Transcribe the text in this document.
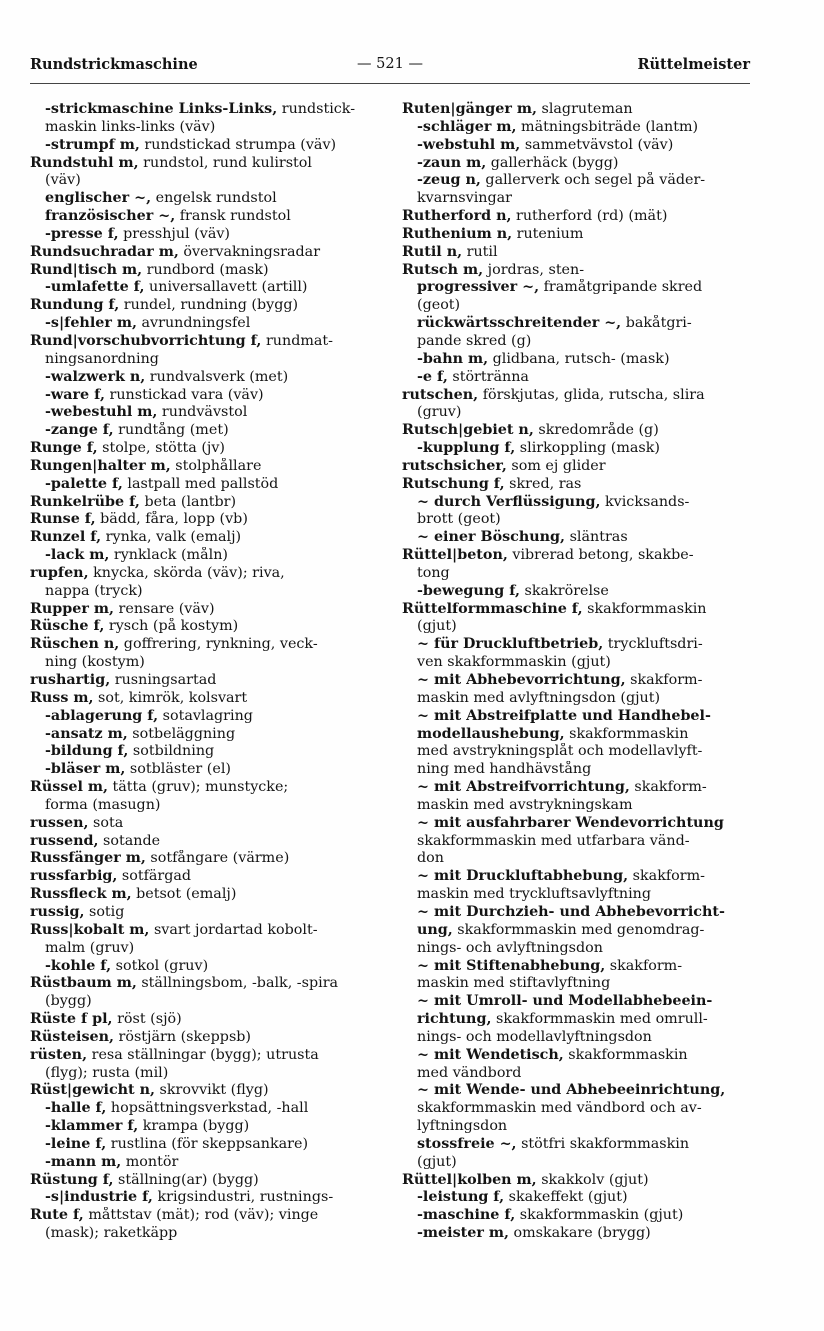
Rundstrickmaschine	— 521 —	Rüttelmeister
-strickmaschine Links-Links, rundstick-
maskin links-links (väv)
-strumpf m, rundstickad strumpa (väv)
Rundstuhl m, rundstol, rund kulirstol
(väv)
englischer ~, engelsk rundstol
französischer ~, fransk rundstol
-presse f, presshjul (väv)
Rundsuchradar m, övervakningsradar
Rund|tisch m, rundbord (mask)
-umlafette f, universallavett (artill)
Rundung f, rundel, rundning (bygg)
-s|fehler m, avrundningsfel
Rund|vorschubvorrichtung f, rundmat-
ningsanordning
-walzwerk n, rundvalsverk (met)
-ware f, runstickad vara (väv)
-webestuhl m, rundvävstol
-zange f, rundtång (met)
Runge f, stolpe, stötta (jv)
Rungen|halter m, stolphållare
-palette f, lastpall med pallstöd
Runkelrübe f, beta (lantbr)
Runse f, bädd, fåra, lopp (vb)
Runzel f, rynka, valk (emalj)
-lack m, rynklack (måln)
rupfen, knycka, skörda (väv); riva,
nappa (tryck)
Rupper m, rensare (väv)
Rüsche f, rysch (på kostym)
Rüschen n, goffrering, rynkning, veck-
ning (kostym)
rushartig, rusningsartad
Russ m, sot, kimrök, kolsvart
-ablagerung f, sotavlagring
-ansatz m, sotbeläggning
-bildung f, sotbildning
-bläser m, sotbläster (el)
Rüssel m, tätta (gruv); munstycke;
forma (masugn)
russen, sota
russend, sotande
Russfänger m, sotfångare (värme)
russfarbig, sotfärgad
Russfleck m, betsot (emalj)
russig, sotig
Russ|kobalt m, svart jordartad kobolt-
malm (gruv)
-kohle f, sotkol (gruv)
Rüstbaum m, ställningsbom, -balk, -spira
(bygg)
Rüste f pl, röst (sjö)
Rüsteisen, röstjärn (skeppsb)
rüsten, resa ställningar (bygg); utrusta
(flyg); rusta (mil)
Rüst|gewicht n, skrovvikt (flyg)
-halle f, hopsättningsverkstad, -hall
-klammer f, krampa (bygg)
-leine f, rustlina (för skeppsankare)
-mann m, montör
Rüstung f, ställning(ar) (bygg)
-s|industrie f, krigsindustri, rustnings-
Rute f, måttstav (mät); rod (väv); vinge
(mask); raketkäpp
Ruten|gänger m, slagruteman
-schläger m, mätningsbiträde (lantm)
-webstuhl m, sammetvävstol (väv)
-zaun m, gallerhäck (bygg)
-zeug n, gallerverk och segel på väder-
kvarnsvingar
Rutherford n, rutherford (rd) (mät)
Ruthenium n, rutenium
Rutil n, rutil
Rutsch m, jordras, sten-
progressiver ~, framåtgripande skred
(geot)
rückwärtsschreitender ~, bakåtgri-
pande skred (g)
-bahn m, glidbana, rutsch- (mask)
-e f, störtränna
rutschen, förskjutas, glida, rutscha, slira
(gruv)
Rutsch|gebiet n, skredområde (g)
-kupplung f, slirkoppling (mask)
rutschsicher, som ej glider
Rutschung f, skred, ras
~ durch Verflüssigung, kvicksands-
brott (geot)
~ einer Böschung, släntras
Rüttel|beton, vibrerad betong, skakbe-
tong
-bewegung f, skakrörelse
Rüttelformmaschine f, skakformmaskin
(gjut)
~ für Druckluftbetrieb, tryckluftsdri-
ven skakformmaskin (gjut)
~ mit Abhebevorrichtung, skakform-
maskin med avlyftningsdon (gjut)
~ mit Abstreifplatte und Handhebel-
modellaushebung, skakformmaskin
med avstrykningsplåt och modellavlyft-
ning med handhävstång
~ mit Abstreifvorrichtung, skakform-
maskin med avstrykningskam
~ mit ausfahrbarer Wendevorrichtung
skakformmaskin med utfarbara vänd-
don
~ mit Druckluftabhebung, skakform-
maskin med tryckluftsavlyftning
~ mit Durchzieh- und Abhebevorricht-
ung, skakformmaskin med genomdrag-
nings- och avlyftningsdon
~ mit Stiftenabhebung, skakform-
maskin med stiftavlyftning
~ mit Umroll- und Modellabhebeein-
richtung, skakformmaskin med omrull-
nings- och modellavlyftningsdon
~ mit Wendetisch, skakformmaskin
med vändbord
~ mit Wende- und Abhebeeinrichtung,
skakformmaskin med vändbord och av-
lyftningsdon
stossfreie ~, stötfri skakformmaskin
(gjut)
Rüttel|kolben m, skakkolv (gjut)
-leistung f, skakeffekt (gjut)
-maschine f, skakformmaskin (gjut)
-meister m, omskakare (brygg)
